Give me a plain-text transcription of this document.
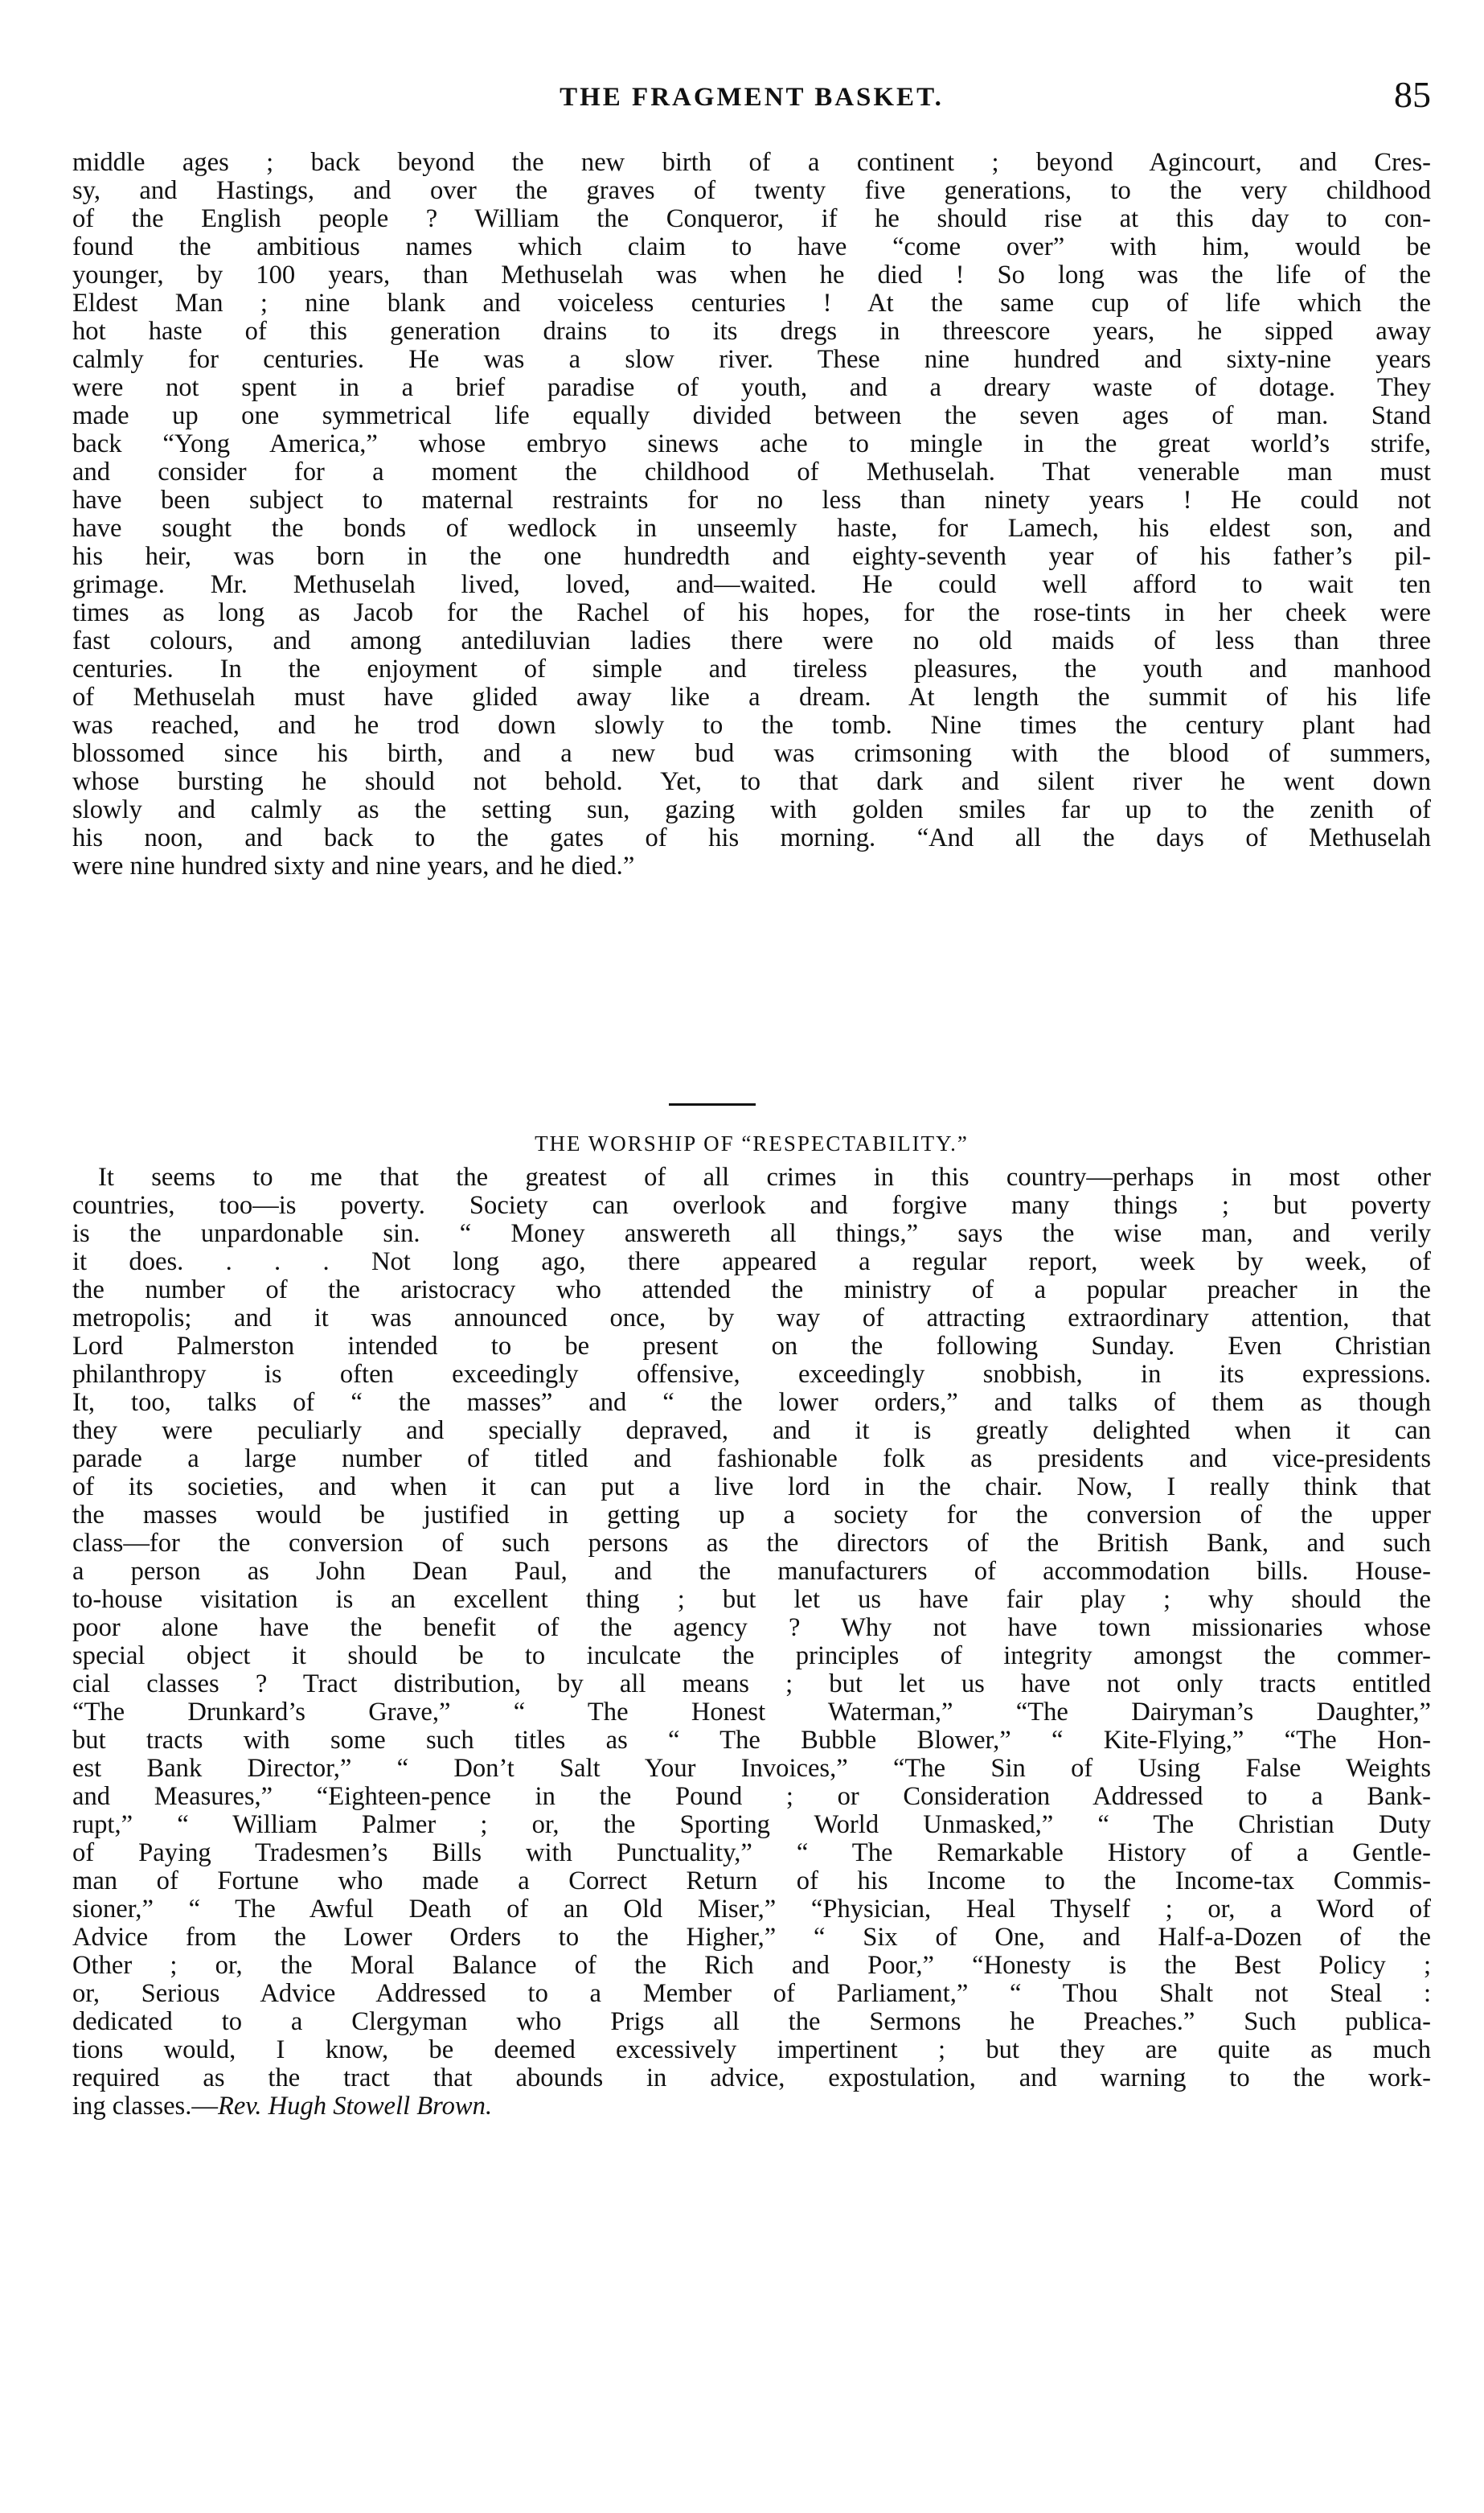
THE FRAGMENT BASKET.	85
middle ages ; back beyond the new birth of a continent ; beyond Agincourt, and Cres-
sy, and Hastings, and over the graves of twenty five generations, to the very childhood
of the English people ? William the Conqueror, if he should rise at this day to con-
found the ambitious names which claim to have “come over” with him, would be
younger, by 100 years, than Methuselah was when he died ! So long was the life of the
Eldest Man ; nine blank and voiceless centuries ! At the same cup of life which the
hot haste of this generation drains to its dregs in threescore years, he sipped away
calmly for centuries. He was a slow river. These nine hundred and sixty-nine years
were not spent in a brief paradise of youth, and a dreary waste of dotage. They
made up one symmetrical life equally divided between the seven ages of man. Stand
back “Yong America,” whose embryo sinews ache to mingle in the great world’s strife,
and consider for a moment the childhood of Methuselah. That venerable man must
have been subject to maternal restraints for no less than ninety years ! He could not
have sought the bonds of wedlock in unseemly haste, for Lamech, his eldest son, and
his heir, was born in the one hundredth and eighty-seventh year of his father’s pil-
grimage. Mr. Methuselah lived, loved, and—waited. He could well afford to wait ten
times as long as Jacob for the Rachel of his hopes, for the rose-tints in her cheek were
fast colours, and among antediluvian ladies there were no old maids of less than three
centuries. In the enjoyment of simple and tireless pleasures, the youth and manhood
of Methuselah must have glided away like a dream. At length the summit of his life
was reached, and he trod down slowly to the tomb. Nine times the century plant had
blossomed since his birth, and a new bud was crimsoning with the blood of summers,
whose bursting he should not behold. Yet, to that dark and silent river he went down
slowly and calmly as the setting sun, gazing with golden smiles far up to the zenith of
his noon, and back to the gates of his morning. “And all the days of Methuselah
were nine hundred sixty and nine years, and he died.”
THE WORSHIP OF “RESPECTABILITY.”
It seems to me that the greatest of all crimes in this country—perhaps in most other
countries, too—is poverty. Society can overlook and forgive many things ; but poverty
is the unpardonable sin. “ Money answereth all things,” says the wise man, and verily
it does. . . . Not long ago, there appeared a regular report, week by week, of
the number of the aristocracy who attended the ministry of a popular preacher in the
metropolis; and it was announced once, by way of attracting extraordinary attention, that
Lord Palmerston intended to be present on the following Sunday. Even Christian
philanthropy is often exceedingly offensive, exceedingly snobbish, in its expressions.
It, too, talks of “ the masses” and “ the lower orders,” and talks of them as though
they were peculiarly and specially depraved, and it is greatly delighted when it can
parade a large number of titled and fashionable folk as presidents and vice-presidents
of its societies, and when it can put a live lord in the chair. Now, I really think that
the masses would be justified in getting up a society for the conversion of the upper
class—for the conversion of such persons as the directors of the British Bank, and such
a person as John Dean Paul, and the manufacturers of accommodation bills. House-
to-house visitation is an excellent thing ; but let us have fair play ; why should the
poor alone have the benefit of the agency ? Why not have town missionaries whose
special object it should be to inculcate the principles of integrity amongst the commer-
cial classes ? Tract distribution, by all means ; but let us have not only tracts entitled
“The Drunkard’s Grave,” “ The Honest Waterman,” “The Dairyman’s Daughter,”
but tracts with some such titles as “ The Bubble Blower,” “ Kite-Flying,” “The Hon-
est Bank Director,” “ Don’t Salt Your Invoices,” “The Sin of Using False Weights
and Measures,” “Eighteen-pence in the Pound ; or Consideration Addressed to a Bank-
rupt,” “ William Palmer ; or, the Sporting World Unmasked,” “ The Christian Duty
of Paying Tradesmen’s Bills with Punctuality,” “ The Remarkable History of a Gentle-
man of Fortune who made a Correct Return of his Income to the Income-tax Commis-
sioner,” “ The Awful Death of an Old Miser,” “Physician, Heal Thyself ; or, a Word of
Advice from the Lower Orders to the Higher,” “ Six of One, and Half-a-Dozen of the
Other ; or, the Moral Balance of the Rich and Poor,” “Honesty is the Best Policy ;
or, Serious Advice Addressed to a Member of Parliament,” “ Thou Shalt not Steal :
dedicated to a Clergyman who Prigs all the Sermons he Preaches.” Such publica-
tions would, I know, be deemed excessively impertinent ; but they are quite as much
required as the tract that abounds in advice, expostulation, and warning to the work-
ing classes.—Rev. Hugh Stowell Brown.
